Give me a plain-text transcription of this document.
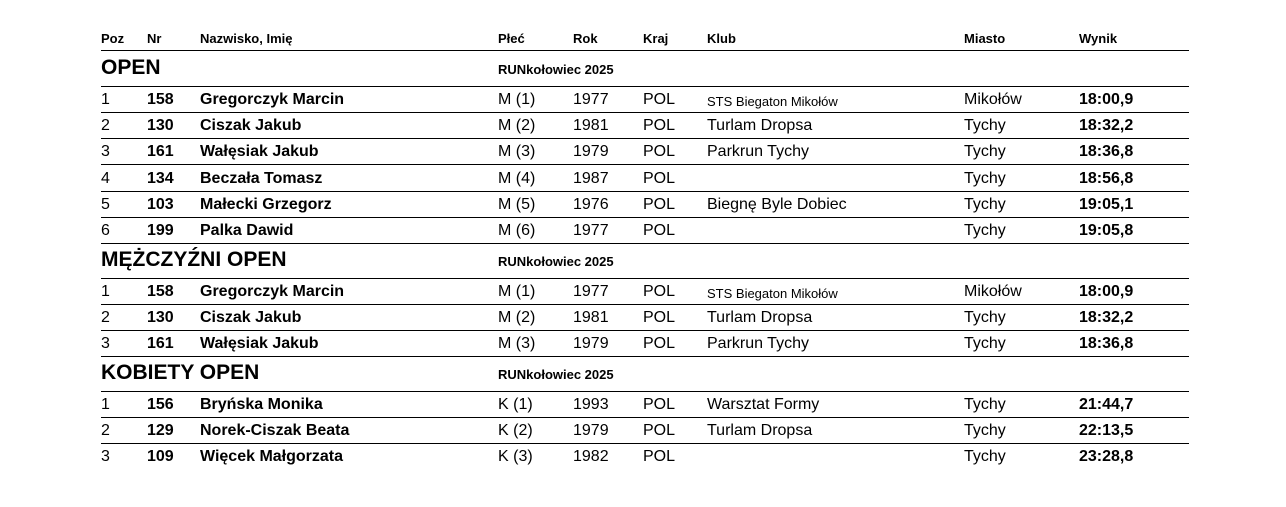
Poz Nr	Nazwisko, Imię	Płeć	Rok	Kraj	Klub	Miasto	Wynik
OPEN	RUNkołowiec 2025
1 158 Gregorczyk Marcin	M (1) 1977 POL STS Biegaton Mikołów	Mikołów	18:00,9
2 130 Ciszak Jakub	M (2) 1981 POL Turlam Dropsa	Tychy	18:32,2
3 161 Wałęsiak Jakub	M (3) 1979 POL Parkrun Tychy	Tychy	18:36,8
4 134 Beczała Tomasz	M (4) 1987 POL	Tychy	18:56,8
5 103 Małecki Grzegorz	M (5) 1976 POL Biegnę Byle Dobiec	Tychy	19:05,1
6 199 Palka Dawid	M (6) 1977 POL	Tychy	19:05,8
MĘŻCZYŹNI OPEN	RUNkołowiec 2025
1 158 Gregorczyk Marcin	M (1) 1977 POL STS Biegaton Mikołów	Mikołów	18:00,9
2 130 Ciszak Jakub	M (2) 1981 POL Turlam Dropsa	Tychy	18:32,2
3 161 Wałęsiak Jakub	M (3) 1979 POL Parkrun Tychy	Tychy	18:36,8
KOBIETY OPEN	RUNkołowiec 2025
1 156 Bryńska Monika	K (1)	1993 POL Warsztat Formy	Tychy	21:44,7
2 129 Norek-Ciszak Beata	K (2)	1979 POL Turlam Dropsa	Tychy	22:13,5
3 109 Więcek Małgorzata	K (3)	1982 POL	Tychy	23:28,8
